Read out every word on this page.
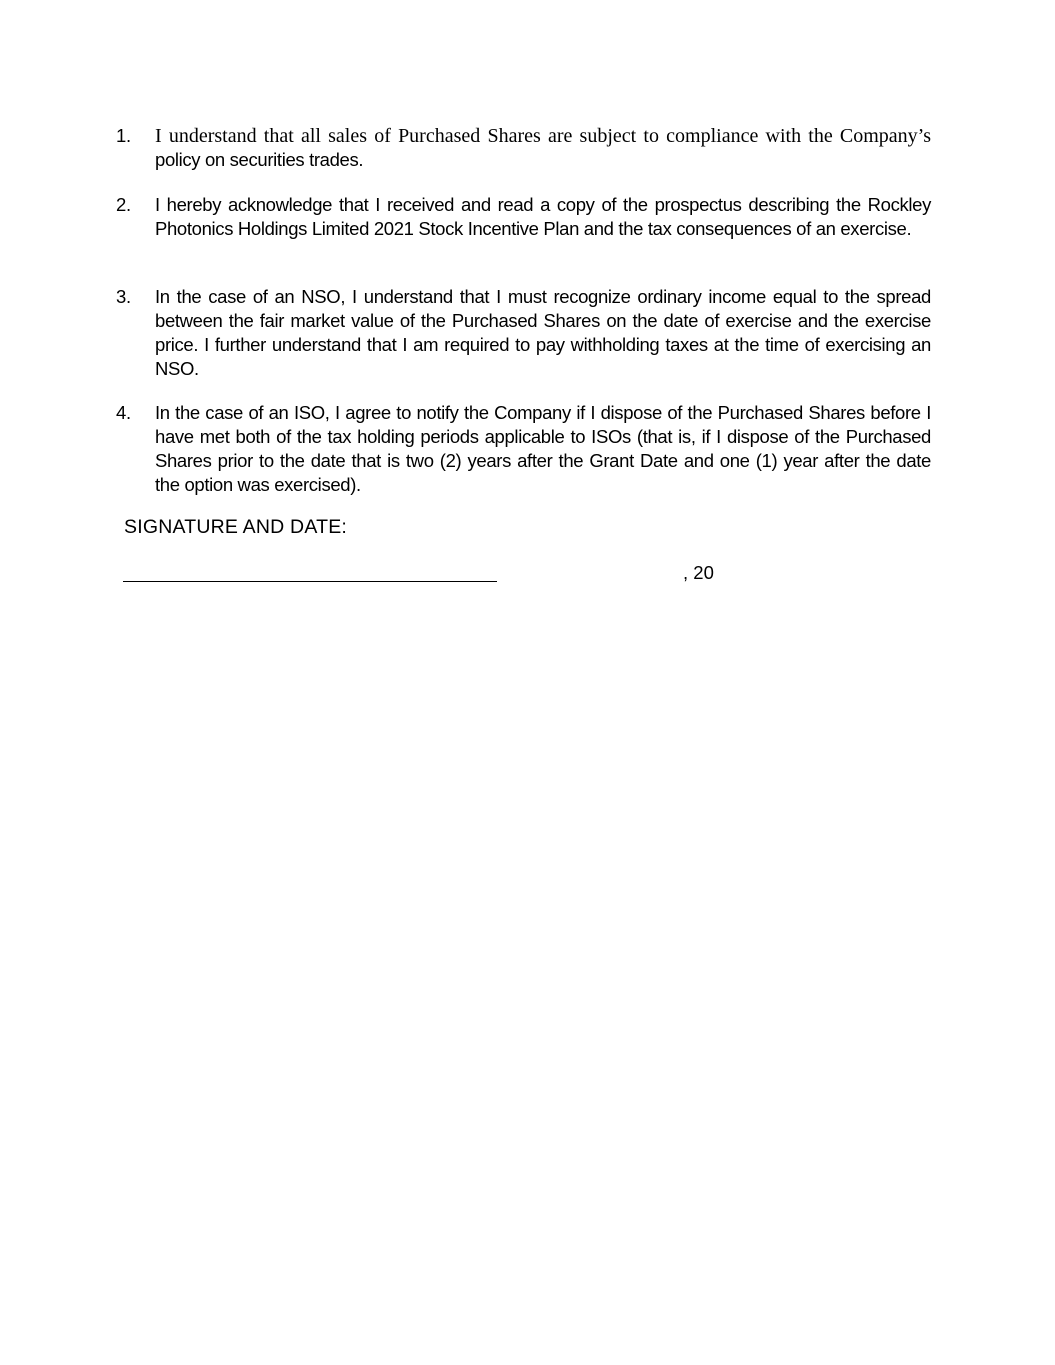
1.	I understand that all sales of Purchased Shares are subject to compliance with the Company’s policy on securities trades.
2.	I hereby acknowledge that I received and read a copy of the prospectus describing the Rockley Photonics Holdings Limited 2021 Stock Incentive Plan and the tax consequences of an exercise.
3.	In the case of an NSO, I understand that I must recognize ordinary income equal to the spread between the fair market value of the Purchased Shares on the date of exercise and the exercise price. I further understand that I am required to pay withholding taxes at the time of exercising an NSO.
4.	In the case of an ISO, I agree to notify the Company if I dispose of the Purchased Shares before I have met both of the tax holding periods applicable to ISOs (that is, if I dispose of the Purchased Shares prior to the date that is two (2) years after the Grant Date and one (1) year after the date the option was exercised).
SIGNATURE AND DATE:
, 20
